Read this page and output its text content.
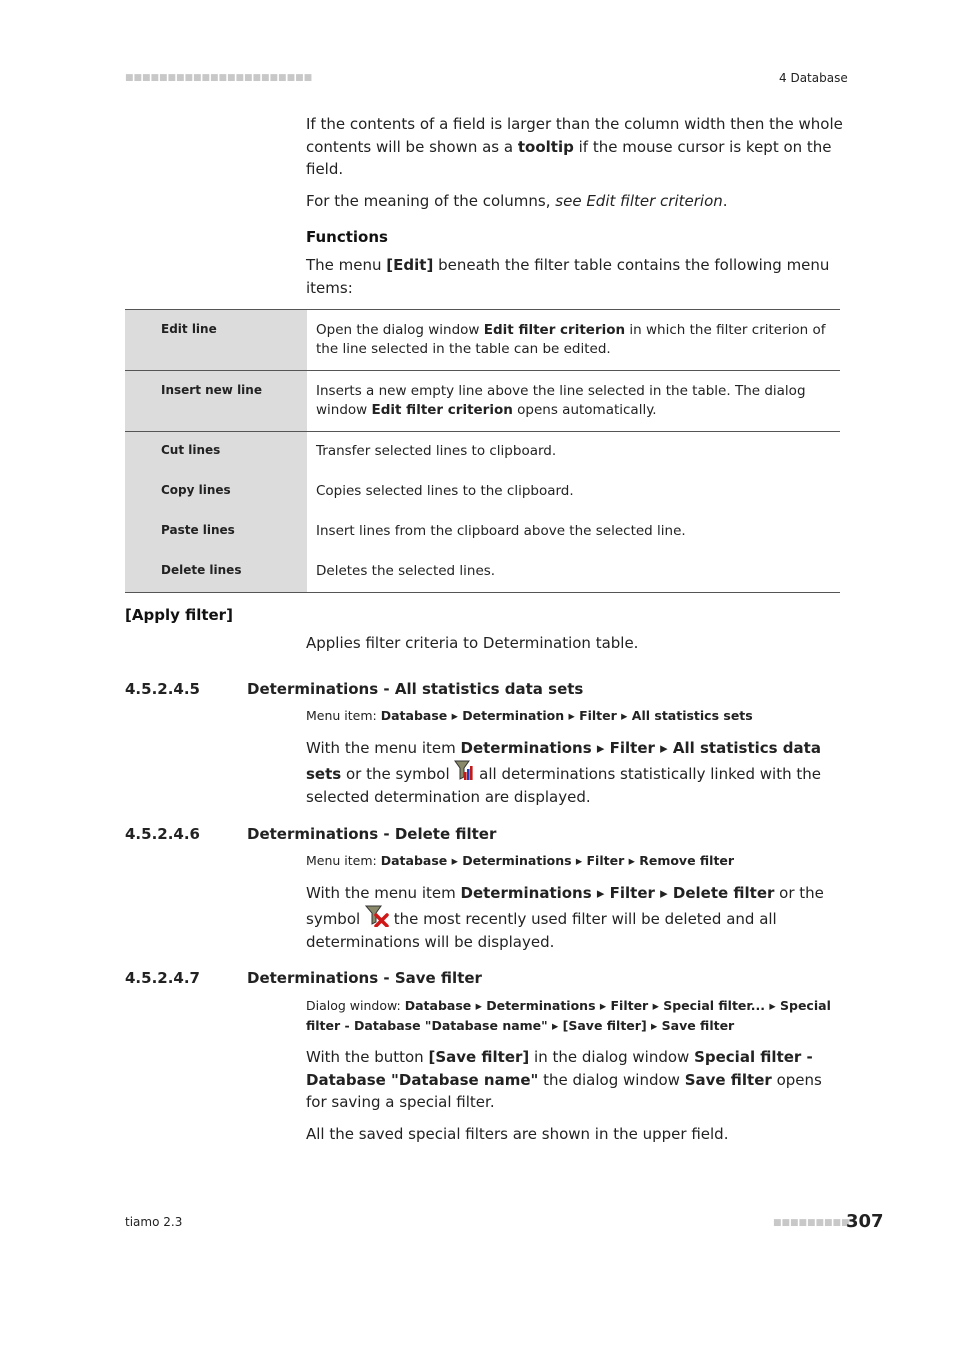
■■■■■■■■■■■■■■■■■■■■■■	4 Database

If the contents of a field is larger than the column width then the whole contents will be shown as a tooltip if the mouse cursor is kept on the field.

For the meaning of the columns, see Edit filter criterion.

Functions

The menu [Edit] beneath the filter table contains the following menu items:

Edit line	Open the dialog window Edit filter criterion in which the filter criterion of the line selected in the table can be edited.
Insert new line	Inserts a new empty line above the line selected in the table. The dialog window Edit filter criterion opens automatically.
Cut lines	Transfer selected lines to clipboard.
Copy lines	Copies selected lines to the clipboard.
Paste lines	Insert lines from the clipboard above the selected line.
Delete lines	Deletes the selected lines.
[Apply filter]
Applies filter criteria to Determination table.
4.5.2.4.5	Determinations - All statistics data sets
Menu item: Database ▸ Determination ▸ Filter ▸ All statistics sets

With the menu item Determinations ▸ Filter ▸ All statistics data sets or the symbol  all determinations statistically linked with the selected determination are displayed.

4.5.2.4.6	Determinations - Delete filter
Menu item: Database ▸ Determinations ▸ Filter ▸ Remove filter

With the menu item Determinations ▸ Filter ▸ Delete filter or the symbol  the most recently used filter will be deleted and all determinations will be displayed.

4.5.2.4.7	Determinations - Save filter
Dialog window: Database ▸ Determinations ▸ Filter ▸ Special filter... ▸ Special filter - Database "Database name" ▸ [Save filter] ▸ Save filter

With the button [Save filter] in the dialog window Special filter - Database "Database name" the dialog window Save filter opens for saving a special filter.

All the saved special filters are shown in the upper field.

tiamo 2.3	■■■■■■■■■
307
